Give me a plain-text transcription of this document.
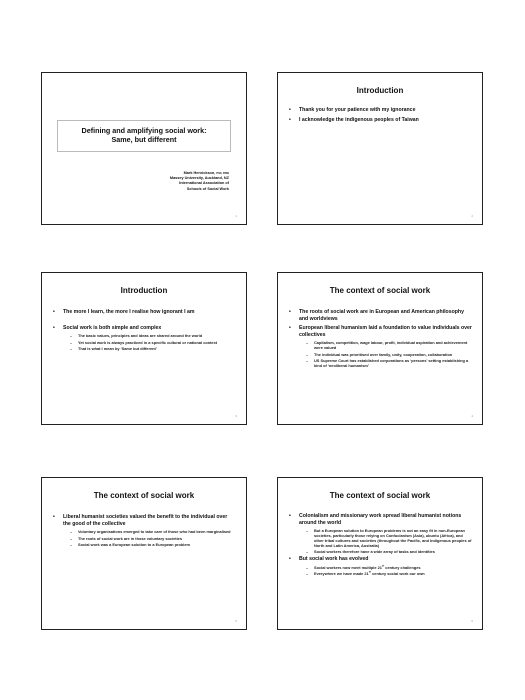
Defining and amplifying social work:
Same, but different
Mark Henrickson, PhD, RSW
Massey University, Auckland, NZ
International Association of
Schools of Social Work
1
Introduction
• Thank you for your patience with my ignorance
• I acknowledge the indigenous peoples of Taiwan
2
Introduction
• The more I learn, the more I realise how ignorant I am
• Social work is both simple and complex
– The basic values, principles and ideas are shared around the world
– Yet social work is always practiced in a specific cultural or national context
– That is what I mean by ‘Same but different’
3
The context of social work
• The roots of social work are in European and American philosophy and worldviews
• European liberal humanism laid a foundation to value individuals over collectives
– Capitalism, competition, wage labour, profit, individual aspiration and achievement were valued
– The individual was prioritised over family, unity, cooperation, collaboration
– US Supreme Court has established corporations as ‘persons’ setting establishing a kind of ‘neoliberal humanism’
4
The context of social work
• Liberal humanist societies valued the benefit to the individual over the good of the collective
– Voluntary organisations emerged to take care of those who had been marginalised
– The roots of social work are in those voluntary societies
– Social work was a European solution to a European problem
5
The context of social work
• Colonialism and missionary work spread liberal humanist notions around the world
– But a European solution to European problems is not an easy fit in non-European societies, particularly those relying on Confucianism (Asia), ubuntu (Africa), and other tribal cultures and societies (throughout the Pacific, and Indigenous peoples of North and Latin America, Australia)
– Social workers therefore have a wide array of tasks and identities
• But social work has evolved
– Social workers now meet multiple 21st century challenges
– Everywhere we have made 21st century social work our own
6
